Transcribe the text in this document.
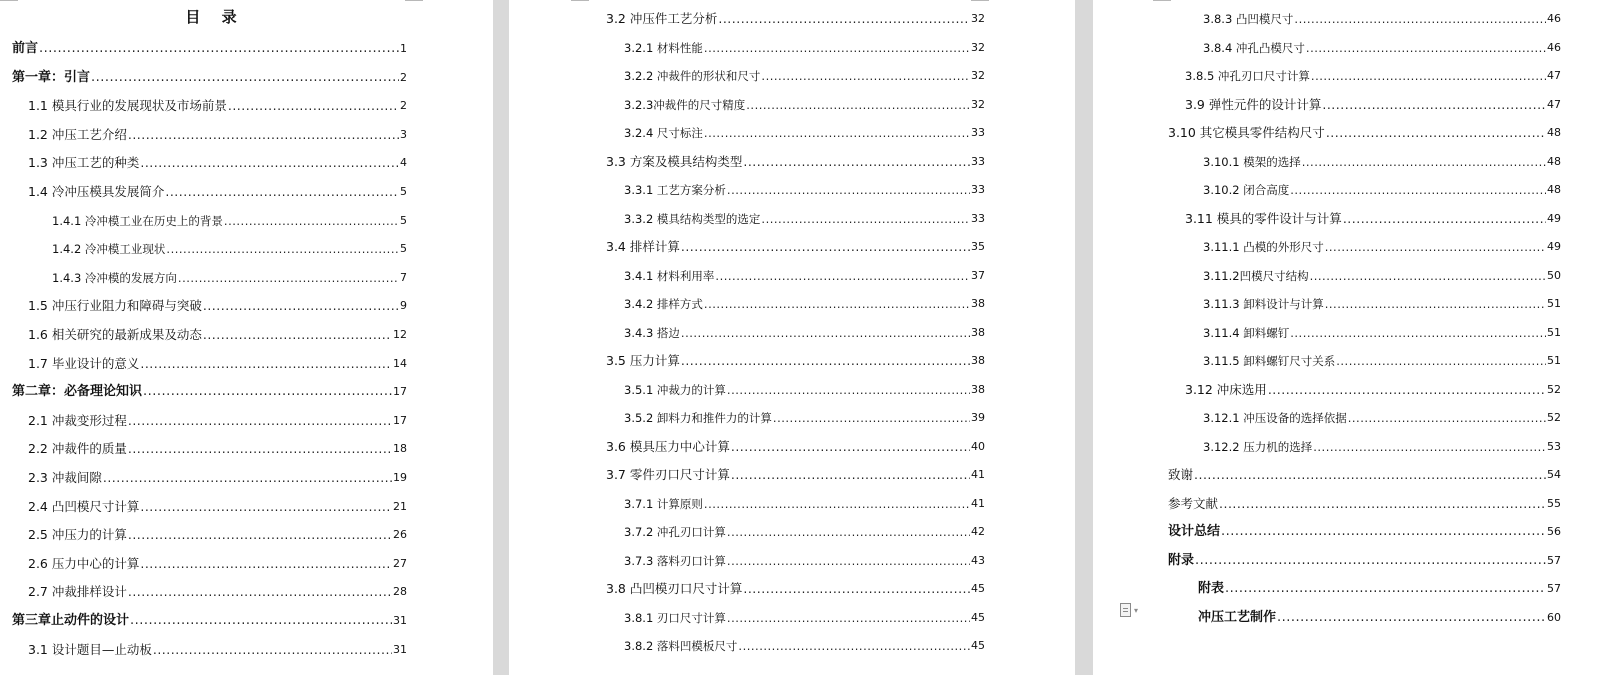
目 录
前言 .....	1
第一章：引言 .....	2
1.1 模具行业的发展现状及市场前景 .....	2
1.2 冲压工艺介绍 .....	3
1.3 冲压工艺的种类 .....	4
1.4 冷冲压模具发展简介 .....	5
1.4.1 冷冲模工业在历史上的背景 .....	5
1.4.2 冷冲模工业现状 .....	5
1.4.3 冷冲模的发展方向 .....	7
1.5 冲压行业阻力和障碍与突破 .....	9
1.6 相关研究的最新成果及动态 .....	12
1.7 毕业设计的意义 .....	14
第二章：必备理论知识 .....	17
2.1 冲裁变形过程 .....	17
2.2 冲裁件的质量 .....	18
2.3 冲裁间隙 .....	19
2.4 凸凹模尺寸计算 .....	21
2.5 冲压力的计算 .....	26
2.6 压力中心的计算 .....	27
2.7 冲裁排样设计 .....	28
第三章止动件的设计 .....	31
3.1 设计题目—止动板 .....	31
3.2 冲压件工艺分析 .....	32
3.2.1 材料性能 .....	32
3.2.2 冲裁件的形状和尺寸 .....	32
3.2.3冲裁件的尺寸精度 .....	32
3.2.4 尺寸标注 .....	33
3.3 方案及模具结构类型 .....	33
3.3.1 工艺方案分析 .....	33
3.3.2 模具结构类型的选定 .....	33
3.4 排样计算 .....	35
3.4.1 材料利用率 .....	37
3.4.2 排样方式 .....	38
3.4.3 搭边 .....	38
3.5 压力计算 .....	38
3.5.1 冲裁力的计算 .....	38
3.5.2 卸料力和推件力的计算 .....	39
3.6 模具压力中心计算 .....	40
3.7 零件刃口尺寸计算 .....	41
3.7.1 计算原则 .....	41
3.7.2 冲孔刃口计算 .....	42
3.7.3 落料刃口计算 .....	43
3.8 凸凹模刃口尺寸计算 .....	45
3.8.1 刃口尺寸计算 .....	45
3.8.2 落料凹模板尺寸 .....	45
3.8.3 凸凹模尺寸 .....	46
3.8.4 冲孔凸模尺寸 .....	46
3.8.5 冲孔刃口尺寸计算 .....	47
3.9 弹性元件的设计计算 .....	47
3.10 其它模具零件结构尺寸 .....	48
3.10.1 模架的选择 .....	48
3.10.2 闭合高度 .....	48
3.11 模具的零件设计与计算 .....	49
3.11.1 凸模的外形尺寸 .....	49
3.11.2凹模尺寸结构 .....	50
3.11.3 卸料设计与计算 .....	51
3.11.4 卸料螺钉 .....	51
3.11.5 卸料螺钉尺寸关系 .....	51
3.12 冲床选用 .....	52
3.12.1 冲压设备的选择依据 .....	52
3.12.2 压力机的选择 .....	53
致谢 .....	54
参考文献 .....	55
设计总结 .....	56
附录 .....	57
附表 .....	57
冲压工艺制作 .....	60
▾
